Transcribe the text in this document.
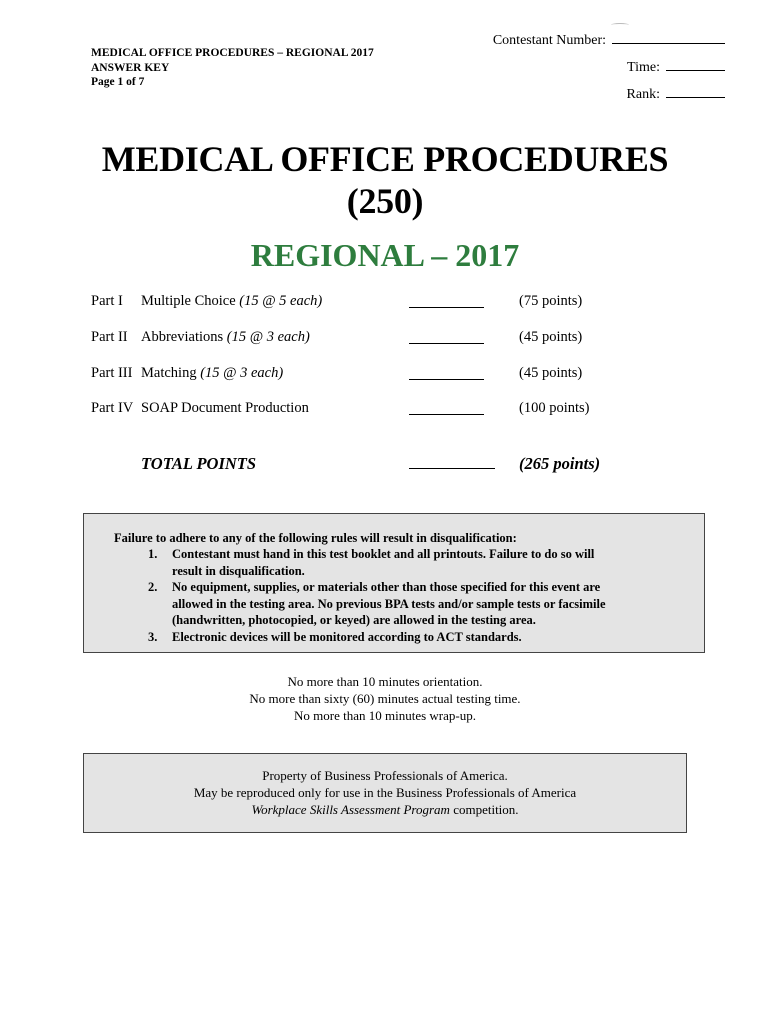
MEDICAL OFFICE PROCEDURES – REGIONAL 2017
ANSWER KEY
Page 1 of 7
Contestant Number:
Time:
Rank:
MEDICAL OFFICE PROCEDURES
(250)
REGIONAL – 2017
Part I Multiple Choice (15 @ 5 each)	(75 points)
Part II Abbreviations (15 @ 3 each)	(45 points)
Part III Matching (15 @ 3 each)	(45 points)
Part IV SOAP Document Production	(100 points)
TOTAL POINTS	(265 points)
Failure to adhere to any of the following rules will result in disqualification:
1. Contestant must hand in this test booklet and all printouts. Failure to do so will
result in disqualification.
2. No equipment, supplies, or materials other than those specified for this event are
allowed in the testing area. No previous BPA tests and/or sample tests or facsimile
(handwritten, photocopied, or keyed) are allowed in the testing area.
3. Electronic devices will be monitored according to ACT standards.
No more than 10 minutes orientation.
No more than sixty (60) minutes actual testing time.
No more than 10 minutes wrap-up.
Property of Business Professionals of America.
May be reproduced only for use in the Business Professionals of America
Workplace Skills Assessment Program competition.
